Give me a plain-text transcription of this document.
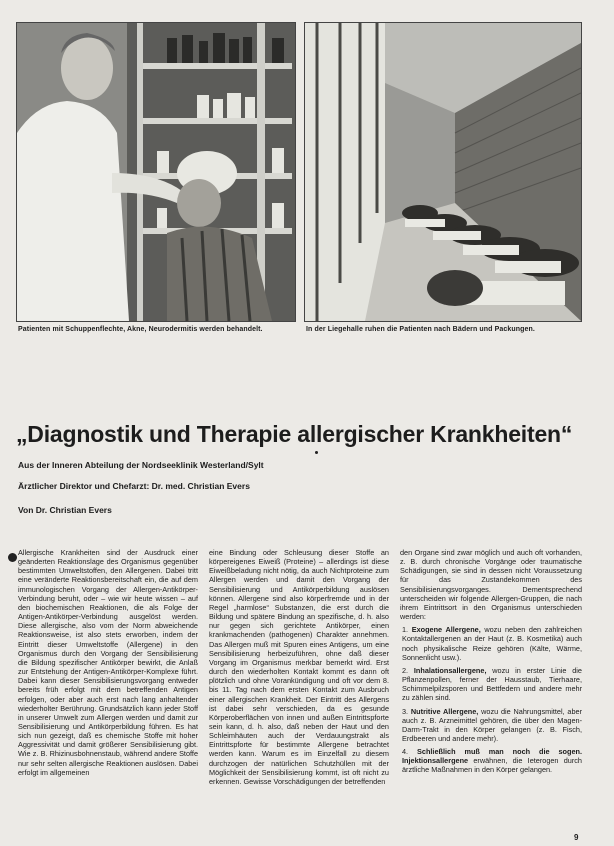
Patienten mit Schuppenflechte, Akne, Neurodermitis werden behandelt.	In der Liegehalle ruhen die Patienten nach Bädern und Packungen.
„Diagnostik und Therapie allergischer Krankheiten“
Aus der Inneren Abteilung der Nordseeklinik Westerland/Sylt
Ärztlicher Direktor und Chefarzt: Dr. med. Christian Evers
Von Dr. Christian Evers

Allergische Krankheiten sind der Ausdruck einer geänderten Reaktionslage des Organismus gegenüber bestimmten Umweltstoffen, den Allergenen. Dabei tritt eine veränderte Reaktionsbereitschaft ein, die auf dem immunologischen Vorgang der Allergen-Antikörper-Verbindung beruht, oder – wie wir heute wissen – auf den biochemischen Reaktionen, die als Folge der Antigen-Antikörper-Verbindung ausgelöst werden. Diese allergische, also vom der Norm abweichende Reaktionsweise, ist also stets erworben, indem der Eintritt dieser Umweltstoffe (Allergene) in den Organismus durch den Vorgang der Sensibilisierung die Bildung spezifischer Antikörper bewirkt, die Anlaß zur Entstehung der Antigen-Antikörper-Komplexe führt. Dabei kann dieser Sensibilisierungsvorgang entweder bereits früh erfolgt mit dem betreffenden Antigen erfolgen, oder aber auch erst nach lang anhaltender wiederholter Berührung. Grundsätzlich kann jeder Stoff in unserer Umwelt zum Allergen werden und damit zur Sensibilisierung und Antikörperbildung führen. Es hat sich nun gezeigt, daß es chemische Stoffe mit hoher Aggressivität und damit größerer Sensibilisierung gibt. Wie z. B. Rhizinusbohnenstaub, während andere Stoffe nur sehr selten allergische Reaktionen auslösen. Dabei erfolgt im allgemeinen

eine Bindung oder Schleusung dieser Stoffe an körpereigenes Eiweiß (Proteine) – allerdings ist diese Eiweißbeladung nicht nötig, da auch Nichtproteine zum Allergen werden und damit den Vorgang der Sensibilisierung und Antikörperbildung auslösen können. Allergene sind also körperfremde und in der Regel „harmlose“ Substanzen, die erst durch die Bildung und spätere Bindung an spezifische, d. h. also nur gegen sich gerichtete Antikörper, einen krankmachenden (pathogenen) Charakter annehmen. Das Allergen muß mit Spuren eines Antigens, um eine Sensibilisierung herbeizuführen, ohne daß dieser Vorgang im Organismus merkbar bemerkt wird. Erst durch den wiederholten Kontakt kommt es dann oft plötzlich und ohne Vorankündigung und oft vor dem 8. bis 11. Tag nach dem ersten Kontakt zum Ausbruch einer allergischen Krankheit. Der Eintritt des Allergens ist dabei sehr verschieden, da es gesunde Körperoberflächen von innen und außen Eintrittspforte sein kann, d. h. also, daß neben der Haut und den Schleimhäuten auch der Verdauungstrakt als Eintrittspforte für bestimmte Allergene betrachtet werden kann. Warum es im Einzelfall zu diesem durchzogen der natürlichen Schutzhüllen mit der Möglichkeit der Sensibilisierung kommt, ist oft nicht zu erkennen. Gewisse Vorschädigungen der betreffenden

den Organe sind zwar möglich und auch oft vorhanden, z. B. durch chronische Vorgänge oder traumatische Schädigungen, sie sind in dessen nicht Voraussetzung für das Zustandekommen des Sensibilisierungsvorganges. Dementsprechend unterscheiden wir folgende Allergen-Gruppen, die nach ihrem Eintrittsort in den Organismus unterschieden werden:

1. Exogene Allergene, wozu neben den zahlreichen Kontaktallergenen an der Haut (z. B. Kosmetika) auch noch physikalische Reize gehören (Kälte, Wärme, Sonnenlicht usw.).
2. Inhalationsallergene, wozu in erster Linie die Pflanzenpollen, ferner der Hausstaub, Tierhaare, Schimmelpilzsporen und Bettfedern und andere mehr zu zählen sind.
3. Nutritive Allergene, wozu die Nahrungsmittel, aber auch z. B. Arzneimittel gehören, die über den Magen-Darm-Trakt in den Körper gelangen (z. B. Fisch, Erdbeeren und andere mehr).
4. Schließlich muß man noch die sogen. Injektionsallergene erwähnen, die Ieterogen durch ärztliche Maßnahmen in den Körper gelangen.
9
